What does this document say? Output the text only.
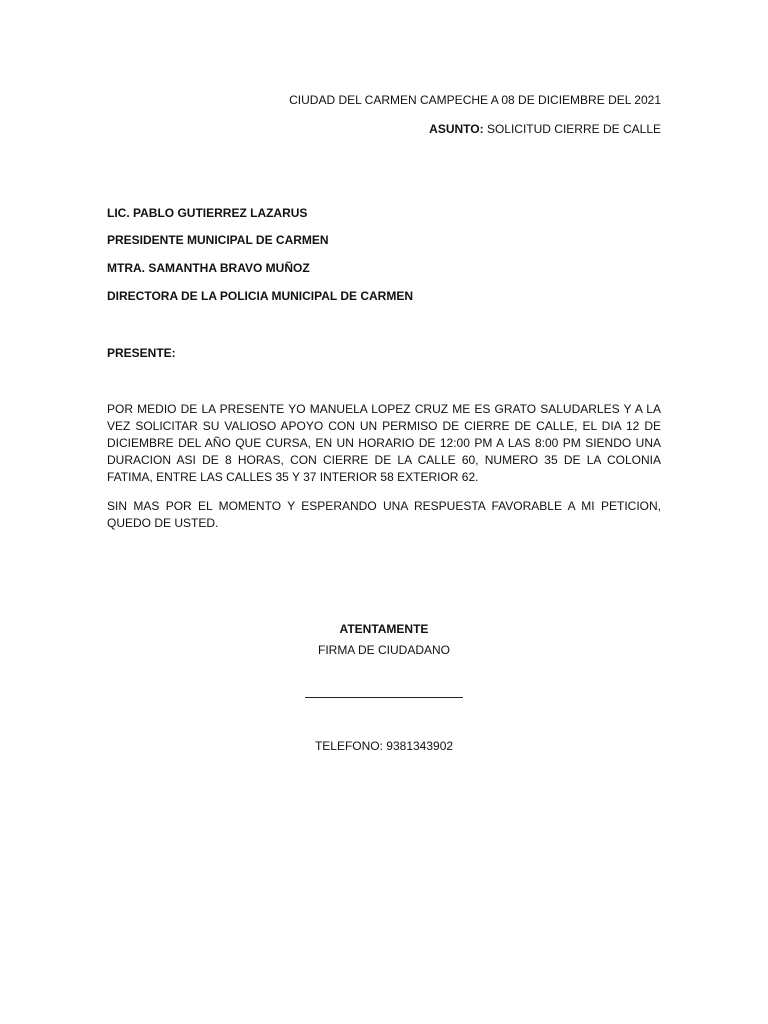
CIUDAD DEL CARMEN CAMPECHE A 08 DE DICIEMBRE DEL 2021
ASUNTO: SOLICITUD CIERRE DE CALLE
LIC. PABLO GUTIERREZ LAZARUS
PRESIDENTE MUNICIPAL DE CARMEN
MTRA. SAMANTHA BRAVO MUÑOZ
DIRECTORA DE LA POLICIA MUNICIPAL DE CARMEN
PRESENTE:
POR MEDIO DE LA PRESENTE YO MANUELA LOPEZ CRUZ ME ES GRATO SALUDARLES Y A LA VEZ SOLICITAR SU VALIOSO APOYO CON UN PERMISO DE CIERRE DE CALLE, EL DIA 12 DE DICIEMBRE DEL AÑO QUE CURSA, EN UN HORARIO DE 12:00 PM A LAS 8:00 PM SIENDO UNA DURACION ASI DE 8 HORAS, CON CIERRE DE LA CALLE 60, NUMERO 35 DE LA COLONIA FATIMA, ENTRE LAS CALLES 35 Y 37 INTERIOR 58 EXTERIOR 62.
SIN MAS POR EL MOMENTO Y ESPERANDO UNA RESPUESTA FAVORABLE A MI PETICION, QUEDO DE USTED.
ATENTAMENTE
FIRMA DE CIUDADANO
TELEFONO: 9381343902
